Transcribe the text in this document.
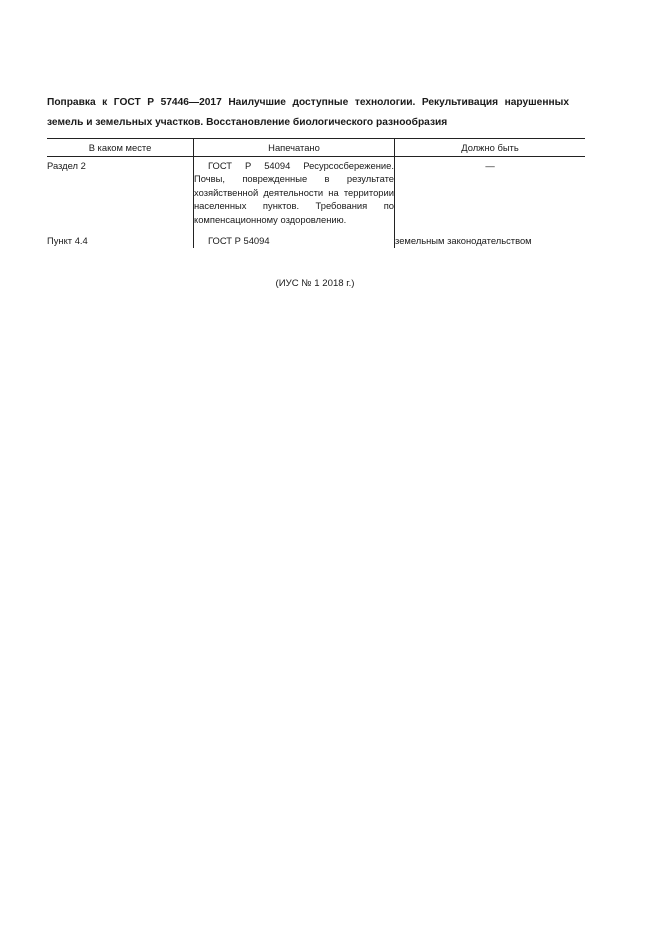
Поправка к ГОСТ Р 57446—2017 Наилучшие доступные технологии. Рекультивация нарушенных земель и земельных участков. Восстановление биологического разнообразия

В каком месте	Напечатано	Должно быть
Раздел 2	ГОСТ Р 54094 Ресурсосбережение. Почвы, поврежденные в результате хозяйственной деятельности на территории населенных пунктов. Требования по компенсационному оздоровлению.	—

Пункт 4.4	ГОСТ Р 54094	земельным законодательством

(ИУС № 1 2018 г.)
